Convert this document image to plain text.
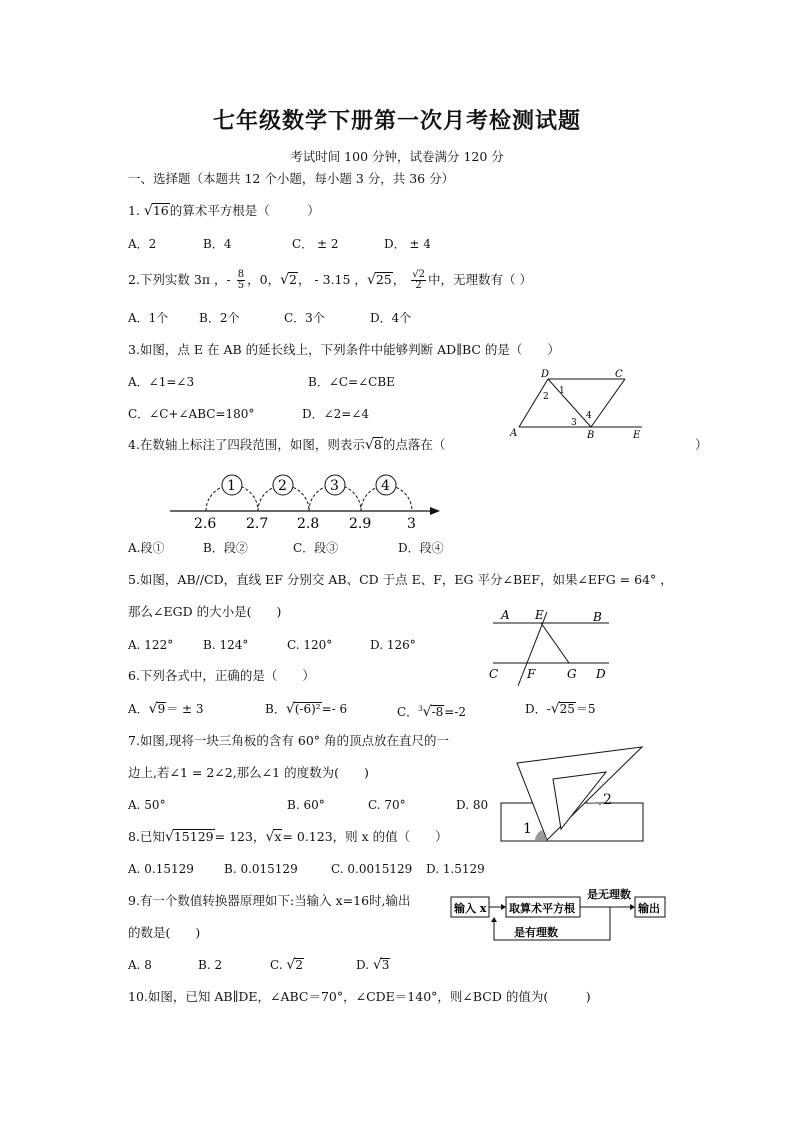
七年级数学下册第一次月考检测试题
考试时间 100 分钟，试卷满分 120 分
一、选择题（本题共 12 个小题，每小题 3 分，共 36 分）
1. √16的算术平方根是（　　　）
A．2	B．4	C． ± 2	D． ± 4
2.下列实数 3π ，- $\frac{8}{5}$ ，0，√2， - 3.15 ，√25， $\frac{√2}{2}$ 中，无理数有（ ）
A．1个	B．2个	C．3个	D．4个
3.如图，点 E 在 AB 的延长线上，下列条件中能够判断 AD∥BC 的是（　　）
A．∠1=∠3	B．∠C=∠CBE
C．∠C+∠ABC=180°	D．∠2=∠4
D	C
A	B	E
1
2
3
4
4.在数轴上标注了四段范围，如图，则表示√8的点落在（	）
1	2	3	4
2.6 2.7 2.8 2.9	3
A.段①	B．段②	C．段③	D．段④
5.如图，AB//CD，直线 EF 分别交 AB、CD 于点 E、F，EG 平分∠BEF，如果∠EFG = 64° ，
那么∠EGD 的大小是(　　)
A. 122° B. 124°	C. 120°	D. 126°
A E	B
C F	G D
6.下列各式中，正确的是（　　）
A．√9＝ ± 3	B．√(-6)²=- 6	C．$^3$√-8=-2	D．-√25＝5
7.如图,现将一块三角板的含有 60° 角的顶点放在直尺的一
边上,若∠1 = 2∠2,那么∠1 的度数为(　　)
A. 50°	B. 60°	C. 70°	D. 80
1
2
8.已知√15129= 123，√x= 0.123，则 x 的值（　　）
A. 0.15129	B. 0.015129	C. 0.0015129 D. 1.5129
9.有一个数值转换器原理如下:当输入 x=16时,输出
的数是(　　)
A. 8	B. 2	C. √2	D. √3
输入 x 取算术平方根	输出
是无理数
是有理数
10.如图，已知 AB∥DE，∠ABC＝70°，∠CDE＝140°，则∠BCD 的值为(　　　)
